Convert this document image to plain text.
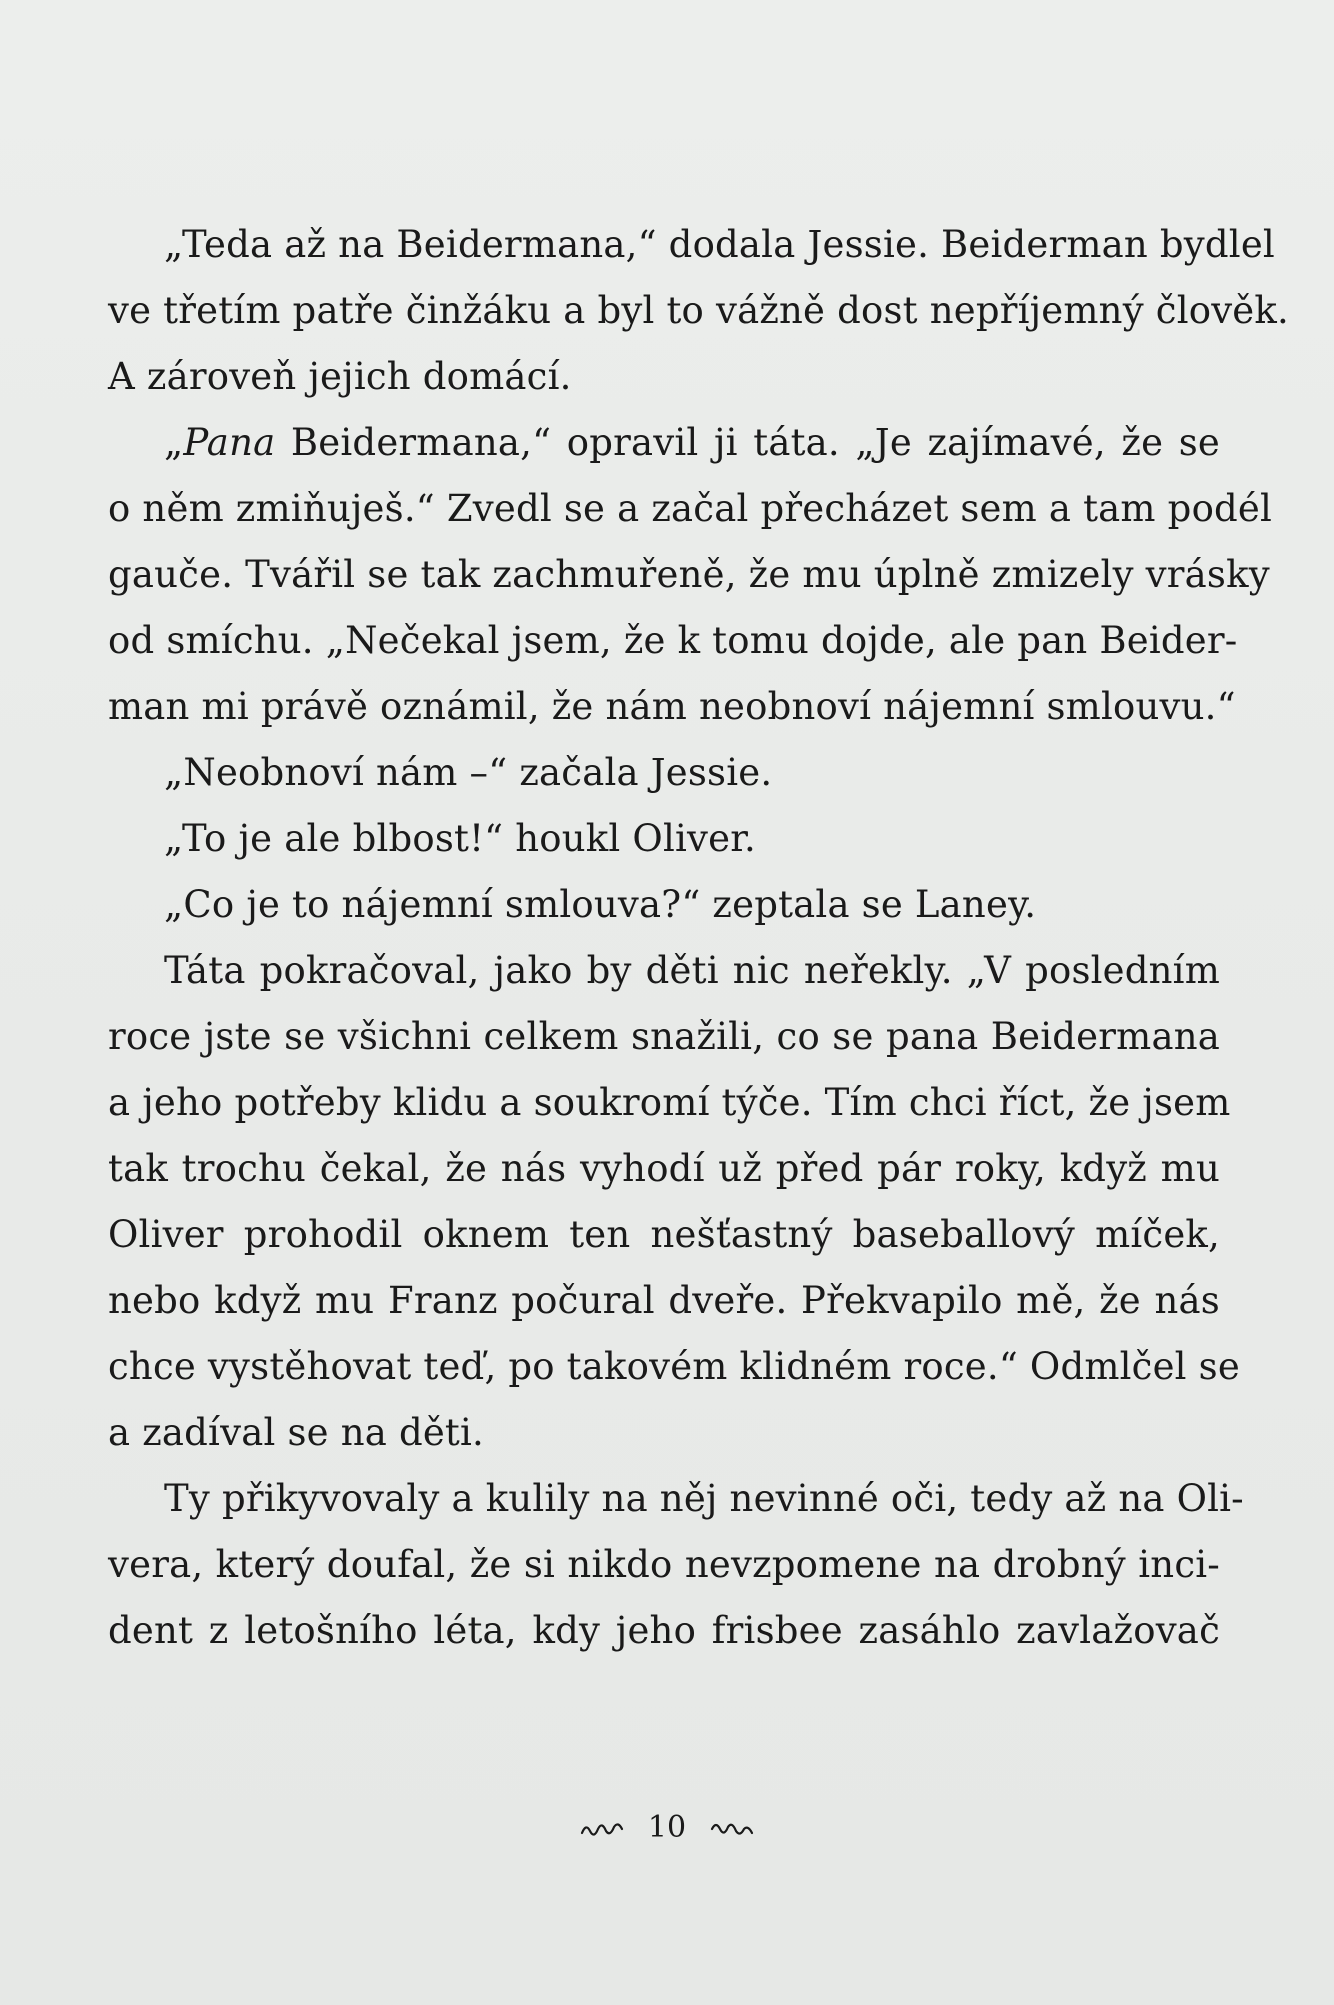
„Teda až na Beidermana,“ dodala Jessie. Beiderman bydlel
ve třetím patře činžáku a byl to vážně dost nepříjemný člověk.
A zároveň jejich domácí.
„Pana Beidermana,“ opravil ji táta. „Je zajímavé, že se
o něm zmiňuješ.“ Zvedl se a začal přecházet sem a tam podél
gauče. Tvářil se tak zachmuřeně, že mu úplně zmizely vrásky
od smíchu. „Nečekal jsem, že k tomu dojde, ale pan Beider-
man mi právě oznámil, že nám neobnoví nájemní smlouvu.“
„Neobnoví nám –“ začala Jessie.
„To je ale blbost!“ houkl Oliver.
„Co je to nájemní smlouva?“ zeptala se Laney.
Táta pokračoval, jako by děti nic neřekly. „V posledním
roce jste se všichni celkem snažili, co se pana Beidermana
a jeho potřeby klidu a soukromí týče. Tím chci říct, že jsem
tak trochu čekal, že nás vyhodí už před pár roky, když mu
Oliver prohodil oknem ten nešťastný baseballový míček,
nebo když mu Franz počural dveře. Překvapilo mě, že nás
chce vystěhovat teď, po takovém klidném roce.“ Odmlčel se
a zadíval se na děti.
Ty přikyvovaly a kulily na něj nevinné oči, tedy až na Oli-
vera, který doufal, že si nikdo nevzpomene na drobný inci-
dent z letošního léta, kdy jeho frisbee zasáhlo zavlažovač
10
